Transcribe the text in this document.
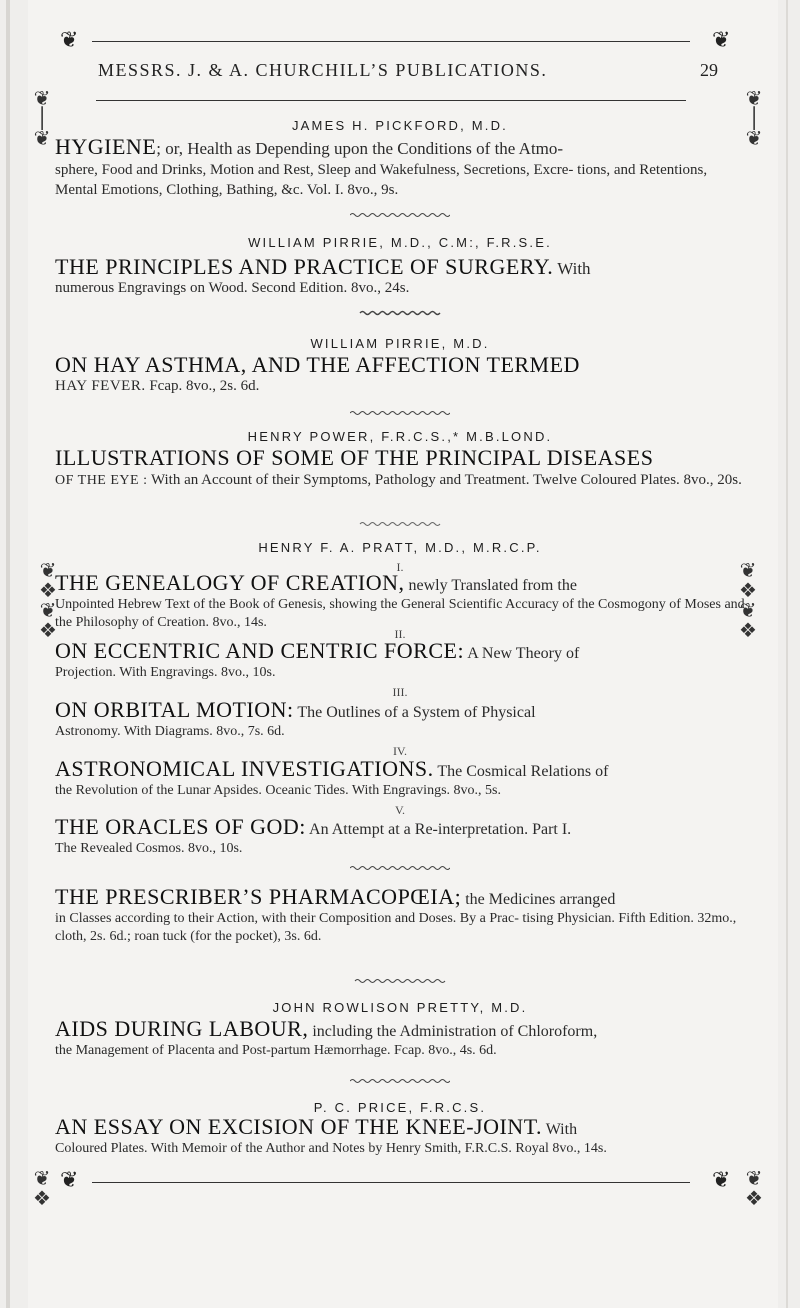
❦	❦
MESSRS. J. & A. CHURCHILL’S PUBLICATIONS.	29
❦
│
❦
❦
│
❦
❦
❖
❦
❖
❦
❖
❦
❖
❦
❖
❦
❖
JAMES H. PICKFORD, M.D.
HYGIENE; or, Health as Depending upon the Conditions of the Atmo-
sphere, Food and Drinks, Motion and Rest, Sleep and Wakefulness, Secretions, Excre- tions, and Retentions, Mental Emotions, Clothing, Bathing, &c. Vol. I. 8vo., 9s.
WILLIAM PIRRIE, M.D., C.M:, F.R.S.E.
THE PRINCIPLES AND PRACTICE OF SURGERY. With
numerous Engravings on Wood. Second Edition. 8vo., 24s.
WILLIAM PIRRIE, M.D.
ON HAY ASTHMA, AND THE AFFECTION TERMED
HAY FEVER. Fcap. 8vo., 2s. 6d.
HENRY POWER, F.R.C.S.,* M.B.LOND.
ILLUSTRATIONS OF SOME OF THE PRINCIPAL DISEASES
OF THE EYE : With an Account of their Symptoms, Pathology and Treatment. Twelve Coloured Plates. 8vo., 20s.
HENRY F. A. PRATT, M.D., M.R.C.P.
I.
THE GENEALOGY OF CREATION, newly Translated from the
Unpointed Hebrew Text of the Book of Genesis, showing the General Scientific Accuracy of the Cosmogony of Moses and the Philosophy of Creation. 8vo., 14s.
II.
ON ECCENTRIC AND CENTRIC FORCE: A New Theory of
Projection. With Engravings. 8vo., 10s.
III.
ON ORBITAL MOTION: The Outlines of a System of Physical
Astronomy. With Diagrams. 8vo., 7s. 6d.
IV.
ASTRONOMICAL INVESTIGATIONS. The Cosmical Relations of
the Revolution of the Lunar Apsides. Oceanic Tides. With Engravings. 8vo., 5s.
V.
THE ORACLES OF GOD: An Attempt at a Re-interpretation. Part I.
The Revealed Cosmos. 8vo., 10s.
THE PRESCRIBER’S PHARMACOPŒIA; the Medicines arranged
in Classes according to their Action, with their Composition and Doses. By a Prac- tising Physician. Fifth Edition. 32mo., cloth, 2s. 6d.; roan tuck (for the pocket), 3s. 6d.
JOHN ROWLISON PRETTY, M.D.
AIDS DURING LABOUR, including the Administration of Chloroform,
the Management of Placenta and Post-partum Hæmorrhage. Fcap. 8vo., 4s. 6d.
P. C. PRICE, F.R.C.S.
AN ESSAY ON EXCISION OF THE KNEE-JOINT. With
Coloured Plates. With Memoir of the Author and Notes by Henry Smith, F.R.C.S. Royal 8vo., 14s.
❦	❦
